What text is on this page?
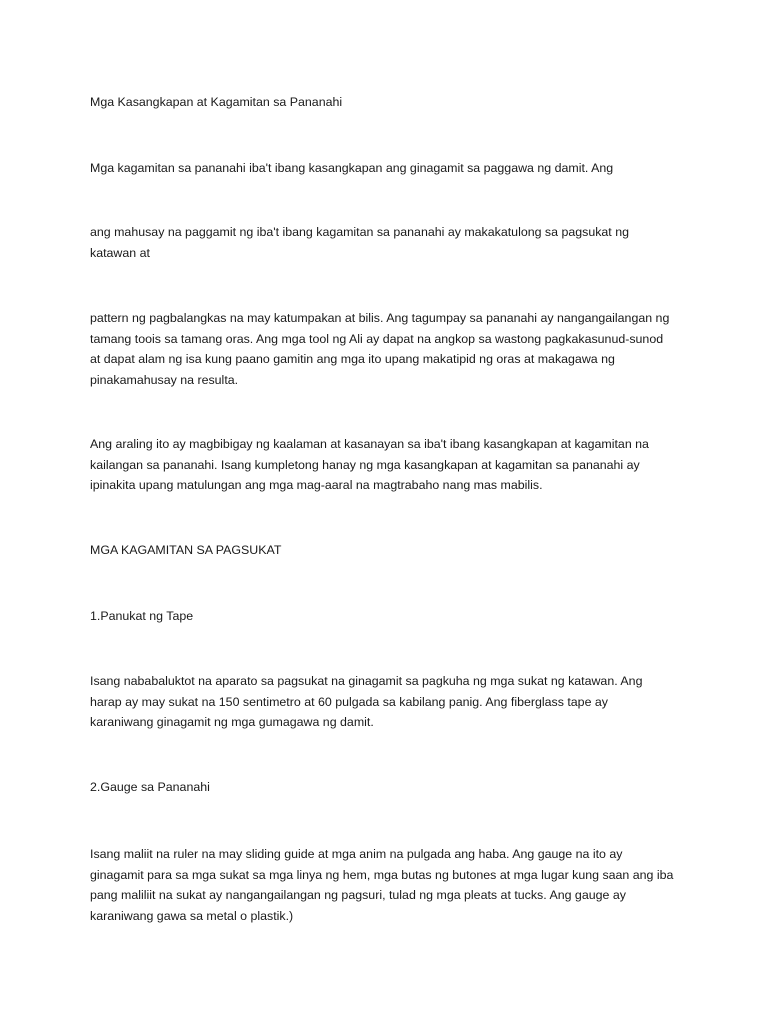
Mga Kasangkapan at Kagamitan sa Pananahi

Mga kagamitan sa pananahi iba't ibang kasangkapan ang ginagamit sa paggawa ng damit. Ang

ang mahusay na paggamit ng iba't ibang kagamitan sa pananahi ay makakatulong sa pagsukat ng
katawan at

pattern ng pagbalangkas na may katumpakan at bilis. Ang tagumpay sa pananahi ay nangangailangan ng
tamang toois sa tamang oras. Ang mga tool ng Ali ay dapat na angkop sa wastong pagkakasunud-sunod
at dapat alam ng isa kung paano gamitin ang mga ito upang makatipid ng oras at makagawa ng
pinakamahusay na resulta.

Ang araling ito ay magbibigay ng kaalaman at kasanayan sa iba't ibang kasangkapan at kagamitan na
kailangan sa pananahi. Isang kumpletong hanay ng mga kasangkapan at kagamitan sa pananahi ay
ipinakita upang matulungan ang mga mag-aaral na magtrabaho nang mas mabilis.

MGA KAGAMITAN SA PAGSUKAT

1.Panukat ng Tape

Isang nababaluktot na aparato sa pagsukat na ginagamit sa pagkuha ng mga sukat ng katawan. Ang
harap ay may sukat na 150 sentimetro at 60 pulgada sa kabilang panig. Ang fiberglass tape ay
karaniwang ginagamit ng mga gumagawa ng damit.

2.Gauge sa Pananahi

Isang maliit na ruler na may sliding guide at mga anim na pulgada ang haba. Ang gauge na ito ay
ginagamit para sa mga sukat sa mga linya ng hem, mga butas ng butones at mga lugar kung saan ang iba
pang maliliit na sukat ay nangangailangan ng pagsuri, tulad ng mga pleats at tucks. Ang gauge ay
karaniwang gawa sa metal o plastik.)
